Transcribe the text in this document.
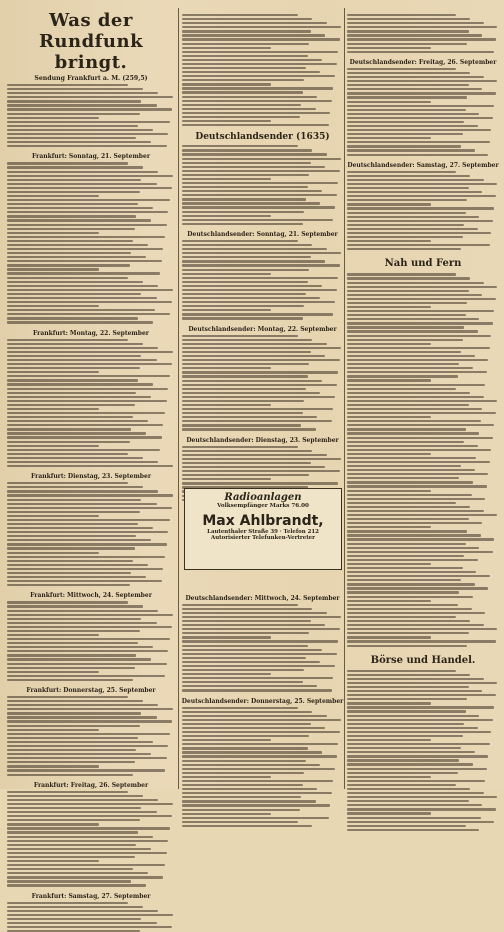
Was der Rundfunk bringt.
Sendung Frankfurt a. M. (259,5)
Frankfurt: Sonntag, 21. September
Frankfurt: Montag, 22. September
Frankfurt: Dienstag, 23. September
Frankfurt: Mittwoch, 24. September
Frankfurt: Donnerstag, 25. September
Frankfurt: Freitag, 26. September
Frankfurt: Samstag, 27. September
Deutschlandsender (1635)
Deutschlandsender: Sonntag, 21. September
Deutschlandsender: Montag, 22. September
Deutschlandsender: Dienstag, 23. September
Deutschlandsender: Mittwoch, 24. September
Deutschlandsender: Donnerstag, 25. September
Radioanlagen
Volksempfänger Marks 76.00
Max Ahlbrandt,
Lautenthaler Straße 39 · Telefon 212
Autorisierter Telefunken-Vertreter
Deutschlandsender: Freitag, 26. September
Deutschlandsender: Samstag, 27. September
Nah und Fern
Börse und Handel.
